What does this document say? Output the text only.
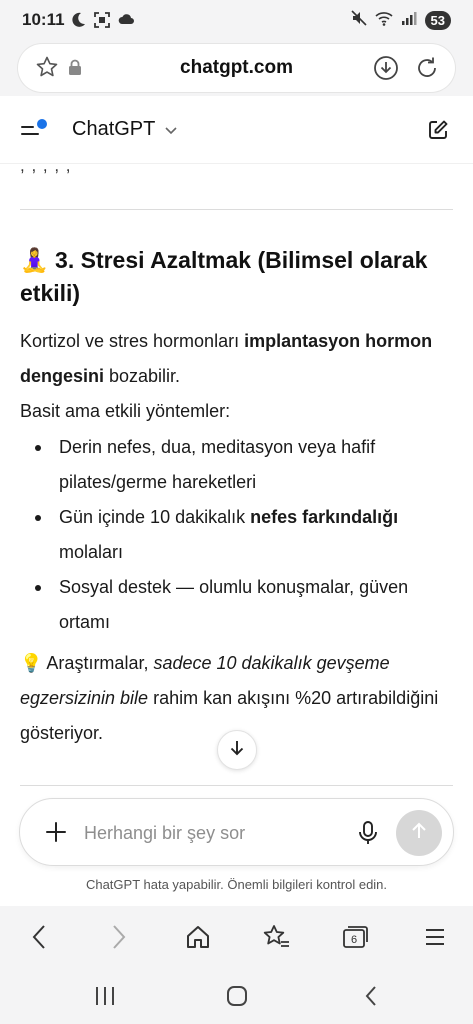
10:11	53
chatgpt.com
ChatGPT
, , , , ,
🧘‍♀️ 3. Stresi Azaltmak (Bilimsel olarak etkili)
Kortizol ve stres hormonları implantasyon hormon dengesini bozabilir.
Basit ama etkili yöntemler:
Derin nefes, dua, meditasyon veya hafif pilates/germe hareketleri
Gün içinde 10 dakikalık nefes farkındalığı molaları
Sosyal destek — olumlu konuşmalar, güven ortamı
💡 Araştırmalar, sadece 10 dakikalık gevşeme egzersizinin bile rahim kan akışını %20 artırabildiğini gösteriyor.
Herhangi bir şey sor
ChatGPT hata yapabilir. Önemli bilgileri kontrol edin.
6
